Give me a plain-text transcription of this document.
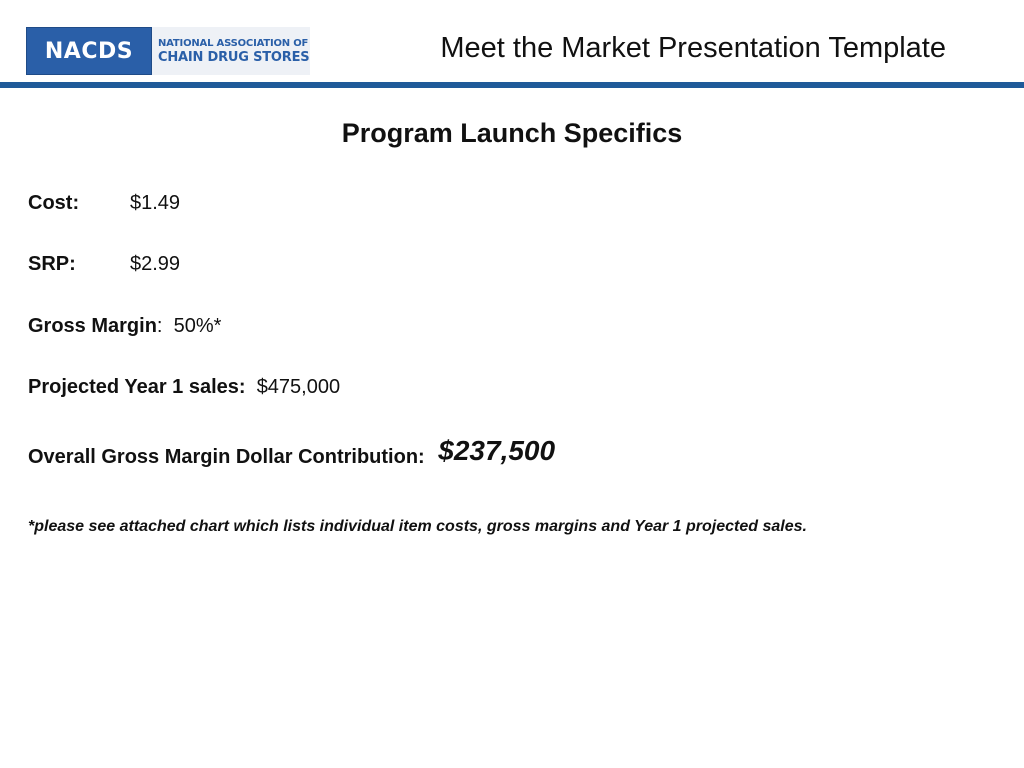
NACDS NATIONAL ASSOCIATION OF
CHAIN DRUG STORES	Meet the Market Presentation Template
Program Launch Specifics
Cost:	$1.49
SRP:	$2.99
Gross Margin: 50%*
Projected Year 1 sales: $475,000
Overall Gross Margin Dollar Contribution: $237,500
*please see attached chart which lists individual item costs, gross margins and Year 1 projected sales.
